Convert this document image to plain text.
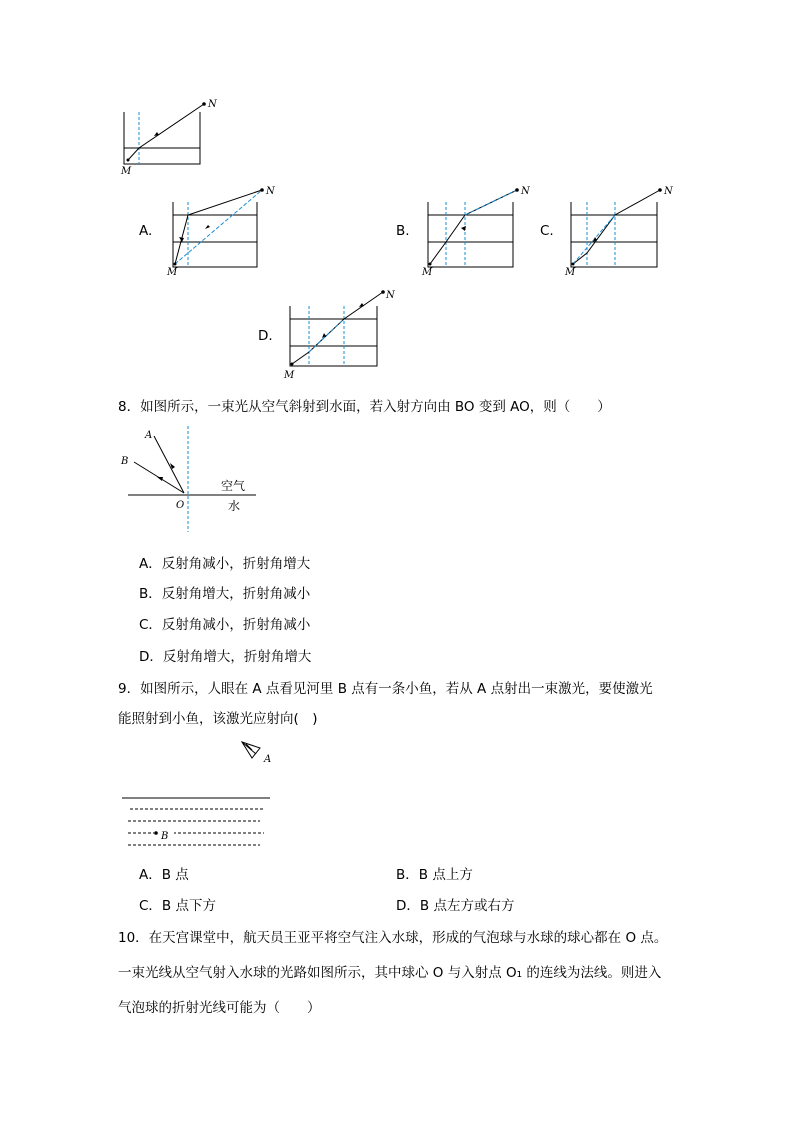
M
N
A.
M
N
B.
M
N
C.
M
N
D.
M
N
8．如图所示，一束光从空气斜射到水面，若入射方向由 BO 变到 AO，则（　　）
A
B
O
空气
水
A．反射角减小，折射角增大
B．反射角增大，折射角减小
C．反射角减小，折射角减小
D．反射角增大，折射角增大
9．如图所示，人眼在 A 点看见河里 B 点有一条小鱼，若从 A 点射出一束激光，要使激光
能照射到小鱼，该激光应射向(　)
A
B
A．B 点	B．B 点上方
C．B 点下方	D．B 点左方或右方
10．在天宫课堂中，航天员王亚平将空气注入水球，形成的气泡球与水球的球心都在 O 点。
一束光线从空气射入水球的光路如图所示，其中球心 O 与入射点 O₁ 的连线为法线。则进入
气泡球的折射光线可能为（　　）
